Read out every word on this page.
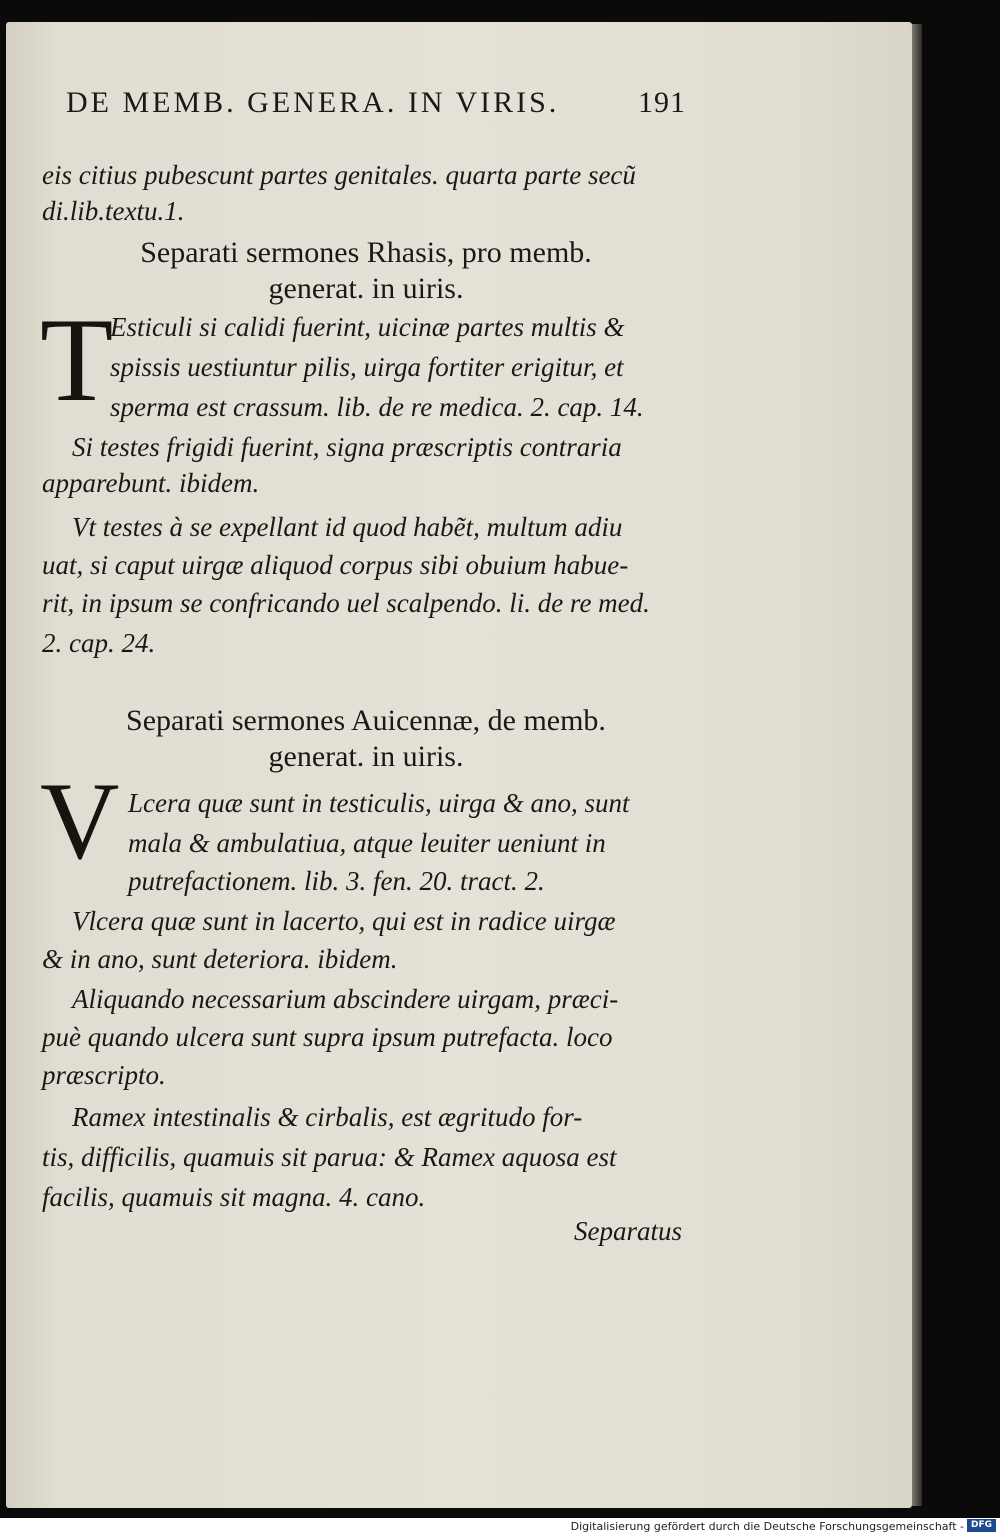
DE MEMB. GENERA. IN VIRIS.	191
eis citius pubescunt partes genitales. quarta parte secũ
di.lib.textu.1.
Separati sermones Rhasis, pro memb.
generat. in uiris.
T
Esticuli si calidi fuerint, uicinæ partes multis &
spissis uestiuntur pilis, uirga fortiter erigitur, et
sperma est crassum. lib. de re medica. 2. cap. 14.
Si testes frigidi fuerint, signa præscriptis contraria
apparebunt. ibidem.
Vt testes à se expellant id quod habẽt, multum adiu
uat, si caput uirgæ aliquod corpus sibi obuium habue-
rit, in ipsum se confricando uel scalpendo. li. de re med.
2. cap. 24.
Separati sermones Auicennæ, de memb.
generat. in uiris.
V Lcera quæ sunt in testiculis, uirga & ano, sunt
mala & ambulatiua, atque leuiter ueniunt in
putrefactionem. lib. 3. fen. 20. tract. 2.
Vlcera quæ sunt in lacerto, qui est in radice uirgæ
& in ano, sunt deteriora. ibidem.
Aliquando necessarium abscindere uirgam, præci-
puè quando ulcera sunt supra ipsum putrefacta. loco
præscripto.
Ramex intestinalis & cirbalis, est ægritudo for-
tis, difficilis, quamuis sit parua: & Ramex aquosa est
facilis, quamuis sit magna. 4. cano.
Separatus
Digitalisierung gefördert durch die Deutsche Forschungsgemeinschaft - DFG
